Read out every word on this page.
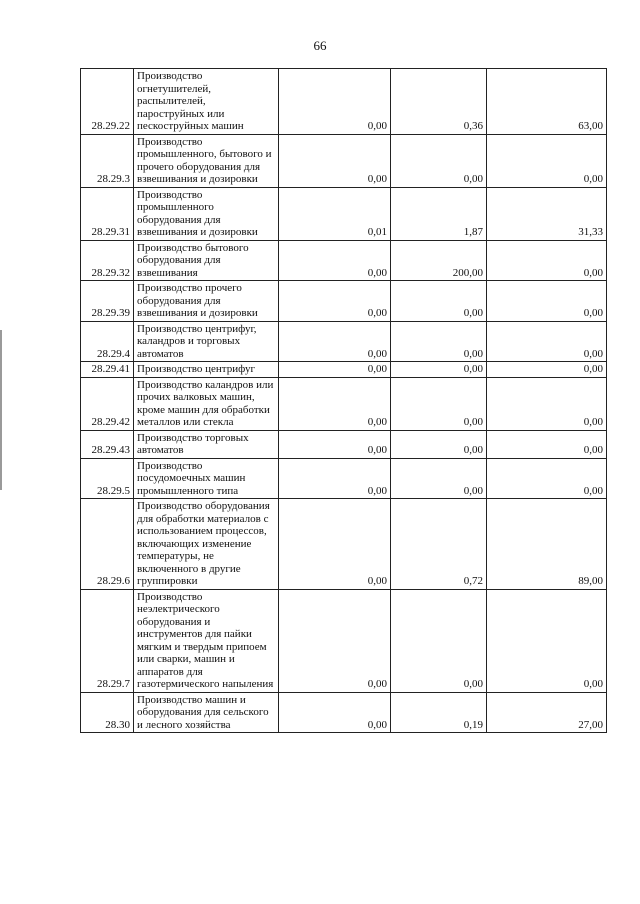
66
28.29.22	Производство огнетушителей, распылителей, пароструйных или пескоструйных машин	0,00	0,36	63,00
28.29.3	Производство промышленного, бытового и прочего оборудования для взвешивания и дозировки	0,00	0,00	0,00
28.29.31	Производство промышленного оборудования для взвешивания и дозировки	0,01	1,87	31,33
28.29.32	Производство бытового оборудования для взвешивания	0,00	200,00	0,00
28.29.39	Производство прочего оборудования для взвешивания и дозировки	0,00	0,00	0,00
28.29.4	Производство центрифуг, каландров и торговых автоматов	0,00	0,00	0,00
28.29.41	Производство центрифуг	0,00	0,00	0,00
28.29.42	Производство каландров или прочих валковых машин, кроме машин для обработки металлов или стекла	0,00	0,00	0,00
28.29.43	Производство торговых автоматов	0,00	0,00	0,00
28.29.5	Производство посудомоечных машин промышленного типа	0,00	0,00	0,00
28.29.6	Производство оборудования для обработки материалов с использованием процессов, включающих изменение температуры, не включенного в другие группировки	0,00	0,72	89,00
28.29.7	Производство неэлектрического оборудования и инструментов для пайки мягким и твердым припоем или сварки, машин и аппаратов для газотермического напыления	0,00	0,00	0,00
28.30	Производство машин и оборудования для сельского и лесного хозяйства	0,00	0,19	27,00
